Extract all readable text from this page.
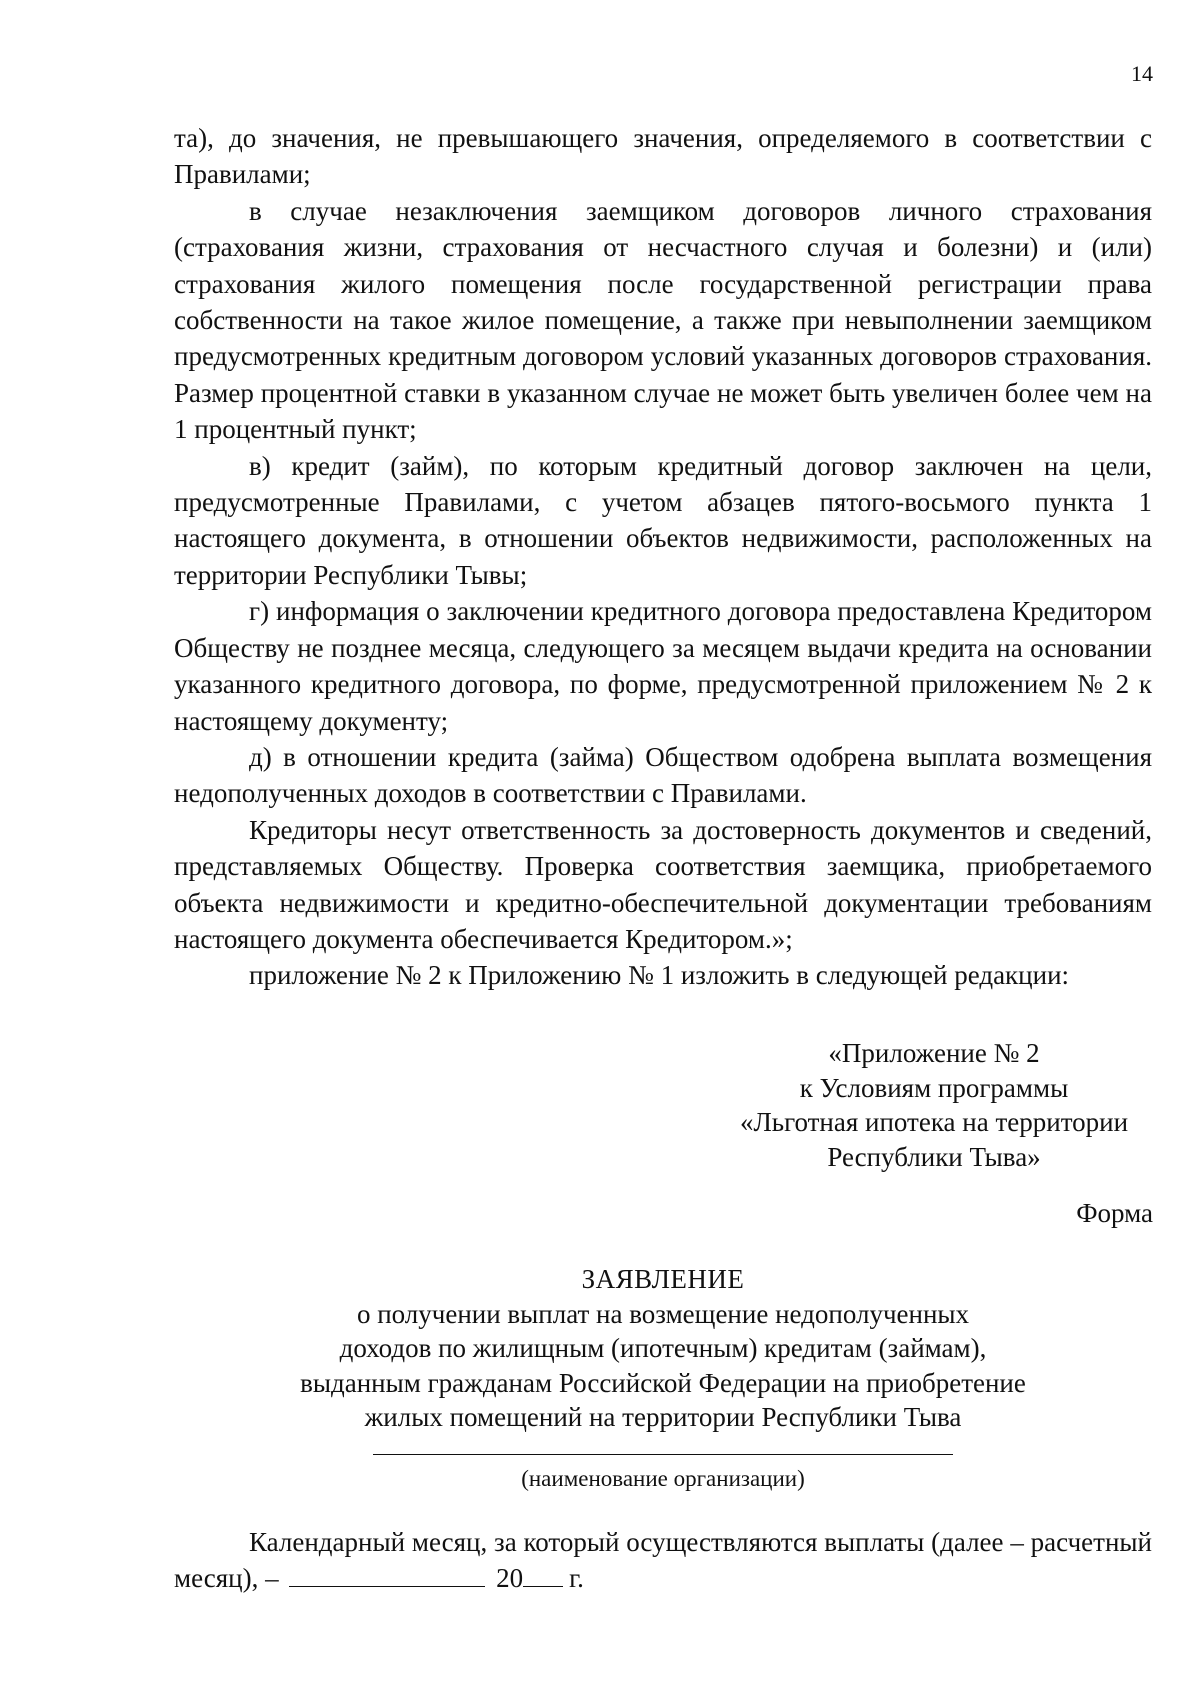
14

та), до значения, не превышающего значения, определяемого в соответствии с Правилами;

в случае незаключения заемщиком договоров личного страхования (страхования жизни, страхования от несчастного случая и болезни) и (или) страхования жилого помещения после государственной регистрации права собственности на такое жилое помещение, а также при невыполнении заемщиком предусмотренных кредитным договором условий указанных договоров страхования. Размер процентной ставки в указанном случае не может быть увеличен более чем на 1 процентный пункт;

в) кредит (займ), по которым кредитный договор заключен на цели, предусмотренные Правилами, с учетом абзацев пятого-восьмого пункта 1 настоящего документа, в отношении объектов недвижимости, расположенных на территории Республики Тывы;

г) информация о заключении кредитного договора предоставлена Кредитором Обществу не позднее месяца, следующего за месяцем выдачи кредита на основании указанного кредитного договора, по форме, предусмотренной приложением № 2 к настоящему документу;

д) в отношении кредита (займа) Обществом одобрена выплата возмещения недополученных доходов в соответствии с Правилами.

Кредиторы несут ответственность за достоверность документов и сведений, представляемых Обществу. Проверка соответствия заемщика, приобретаемого объекта недвижимости и кредитно-обеспечительной документации требованиям настоящего документа обеспечивается Кредитором.»;

приложение № 2 к Приложению № 1 изложить в следующей редакции:

«Приложение № 2
к Условиям программы
«Льготная ипотека на территории
Республики Тыва»
Форма
ЗАЯВЛЕНИЕ
о получении выплат на возмещение недополученных
доходов по жилищным (ипотечным) кредитам (займам),
выданным гражданам Российской Федерации на приобретение
жилых помещений на территории Республики Тыва
(наименование организации)

Календарный месяц, за который осуществляются выплаты (далее – расчетный месяц), –	20 г.
